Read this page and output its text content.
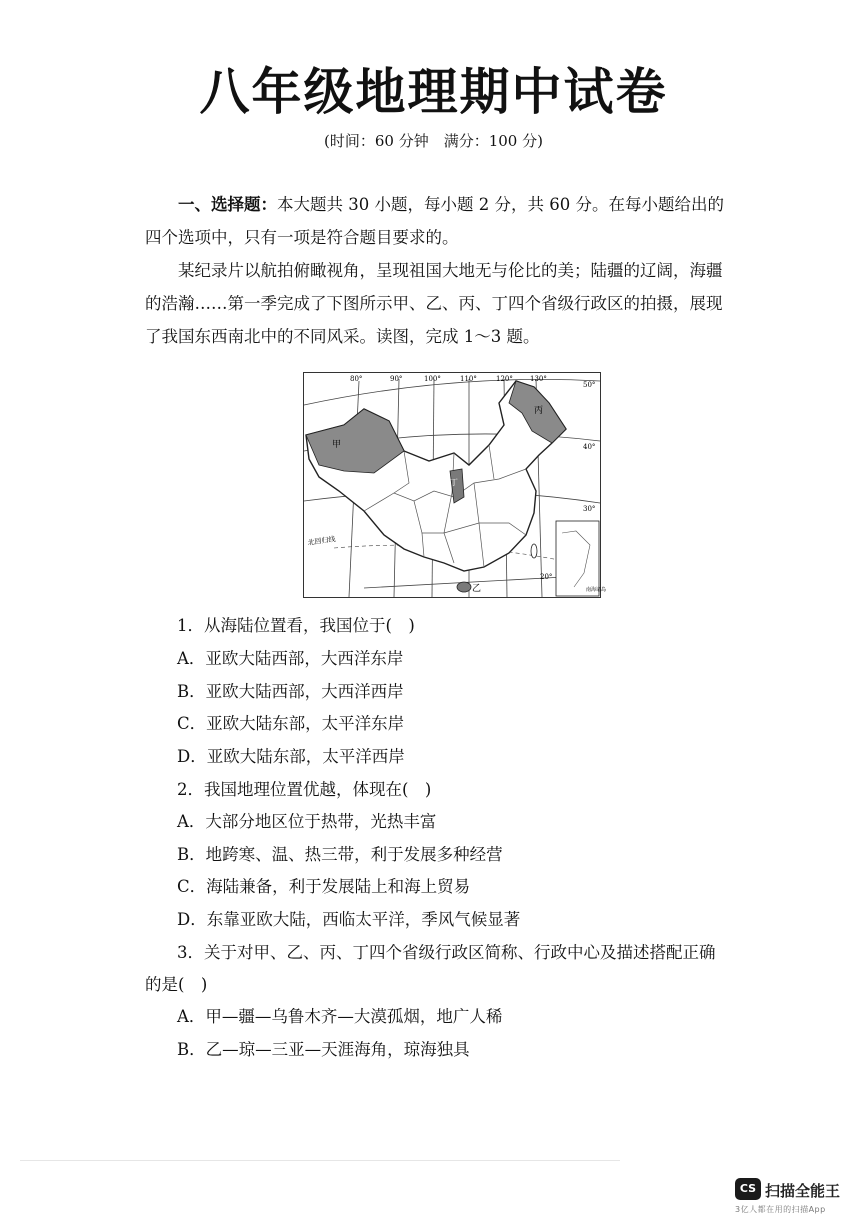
八年级地理期中试卷

(时间：60 分钟　满分：100 分)

一、选择题：本大题共 30 小题，每小题 2 分，共 60 分。在每小题给出的四个选项中，只有一项是符合题目要求的。

某纪录片以航拍俯瞰视角，呈现祖国大地无与伦比的美；陆疆的辽阔，海疆的浩瀚……第一季完成了下图所示甲、乙、丙、丁四个省级行政区的拍摄，展现了我国东西南北中的不同风采。读图，完成 1～3 题。

甲
丙
丁
乙
北回归线
南海诸岛
80°	90°	100°	110°	120° 130°
50°
40°
30°
20°

1．从海陆位置看，我国位于(　)

A．亚欧大陆西部，大西洋东岸

B．亚欧大陆西部，大西洋西岸

C．亚欧大陆东部，太平洋东岸

D．亚欧大陆东部，太平洋西岸

2．我国地理位置优越，体现在(　)

A．大部分地区位于热带，光热丰富

B．地跨寒、温、热三带，利于发展多种经营

C．海陆兼备，利于发展陆上和海上贸易

D．东靠亚欧大陆，西临太平洋，季风气候显著

3．关于对甲、乙、丙、丁四个省级行政区简称、行政中心及描述搭配正确

的是(　)

A．甲—疆—乌鲁木齐—大漠孤烟，地广人稀

B．乙—琼—三亚—天涯海角，琼海独具

CS 扫描全能王
3亿人都在用的扫描App
